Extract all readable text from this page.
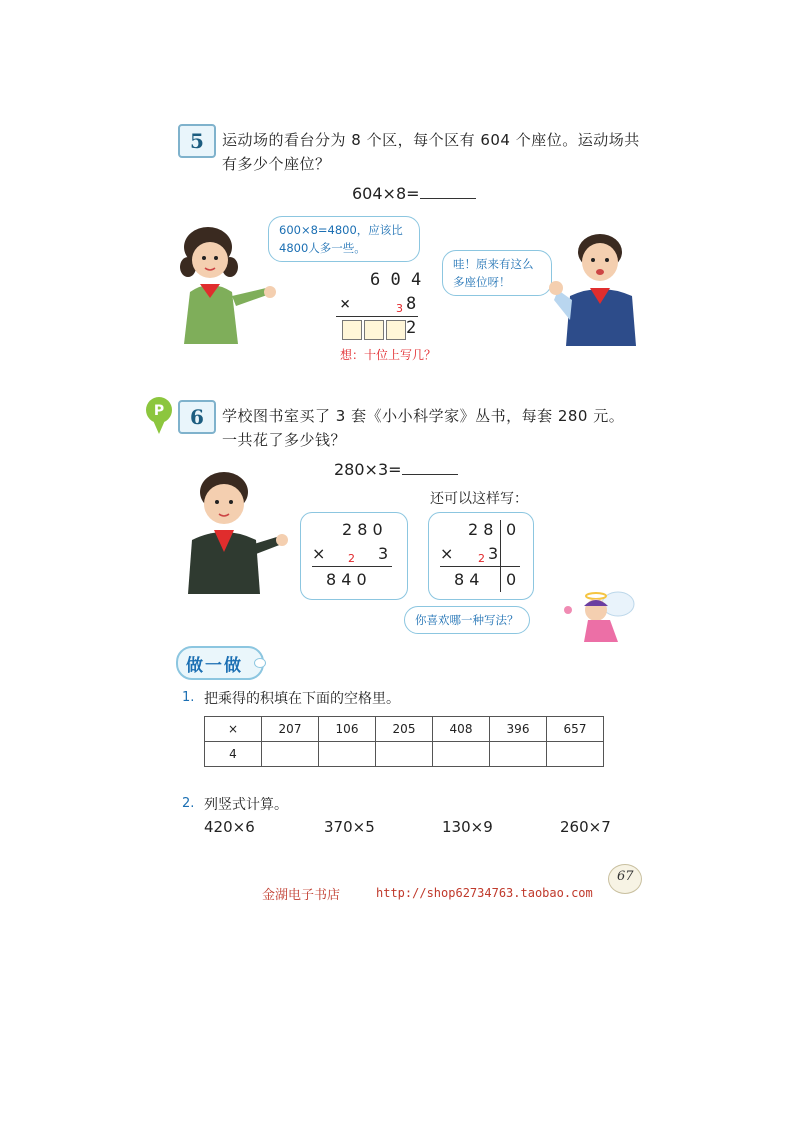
5	运动场的看台分为 8 个区，每个区有 604 个座位。运动场共
有多少个座位？
604×8=
600×8=4800，应该比4800人多一些。
哇！原来有这么多座位呀！
6 0 4
×	3 8
2
想：十位上写几？
P	6	学校图书室买了 3 套《小小科学家》丛书，每套 280 元。
一共花了多少钱？
280×3=
还可以这样写：
2 8 0
× 2 3
8 4 0
2 8 0
× 2 3
8 4 0
你喜欢哪一种写法？
做一做
1. 把乘得的积填在下面的空格里。
×	207	106	205	408	396	657
4						
2. 列竖式计算。
420×6	370×5	130×9	260×7
金湖电子书店	http://shop62734763.taobao.com
67
